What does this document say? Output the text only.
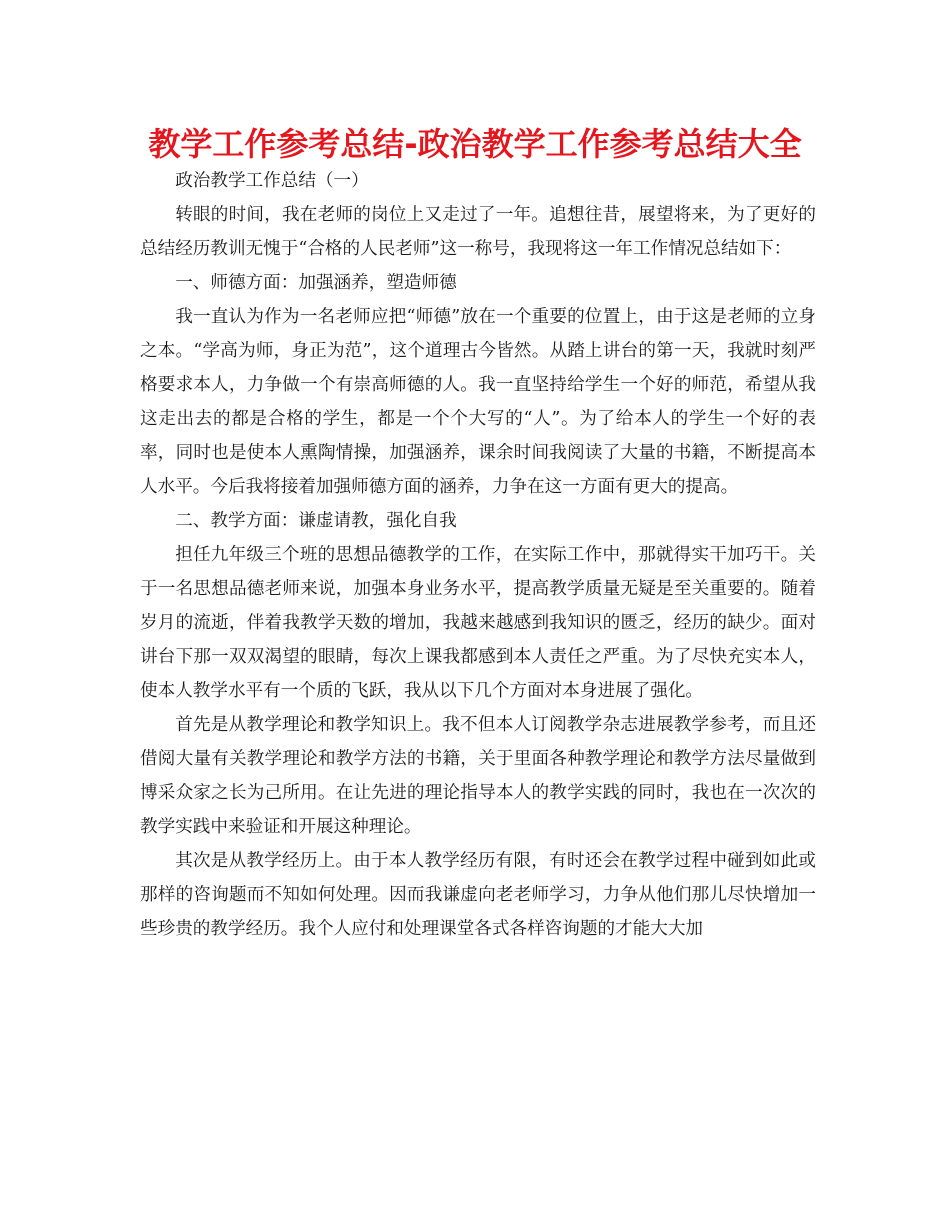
教学工作参考总结-政治教学工作参考总结大全

政治教学工作总结（一）

转眼的时间，我在老师的岗位上又走过了一年。追想往昔，展望将来，为了更好的总结经历教训无愧于“合格的人民老师”这一称号，我现将这一年工作情况总结如下：

一、师德方面：加强涵养，塑造师德

我一直认为作为一名老师应把“师德”放在一个重要的位置上，由于这是老师的立身之本。“学高为师，身正为范”，这个道理古今皆然。从踏上讲台的第一天，我就时刻严格要求本人，力争做一个有崇高师德的人。我一直坚持给学生一个好的师范，希望从我这走出去的都是合格的学生，都是一个个大写的“人”。为了给本人的学生一个好的表率，同时也是使本人熏陶情操，加强涵养，课余时间我阅读了大量的书籍，不断提高本人水平。今后我将接着加强师德方面的涵养，力争在这一方面有更大的提高。

二、教学方面：谦虚请教，强化自我

担任九年级三个班的思想品德教学的工作，在实际工作中，那就得实干加巧干。关于一名思想品德老师来说，加强本身业务水平，提高教学质量无疑是至关重要的。随着岁月的流逝，伴着我教学天数的增加，我越来越感到我知识的匮乏，经历的缺少。面对讲台下那一双双渴望的眼睛，每次上课我都感到本人责任之严重。为了尽快充实本人，使本人教学水平有一个质的飞跃，我从以下几个方面对本身进展了强化。

首先是从教学理论和教学知识上。我不但本人订阅教学杂志进展教学参考，而且还借阅大量有关教学理论和教学方法的书籍，关于里面各种教学理论和教学方法尽量做到博采众家之长为己所用。在让先进的理论指导本人的教学实践的同时，我也在一次次的教学实践中来验证和开展这种理论。

其次是从教学经历上。由于本人教学经历有限，有时还会在教学过程中碰到如此或那样的咨询题而不知如何处理。因而我谦虚向老老师学习，力争从他们那儿尽快增加一些珍贵的教学经历。我个人应付和处理课堂各式各样咨询题的才能大大加
